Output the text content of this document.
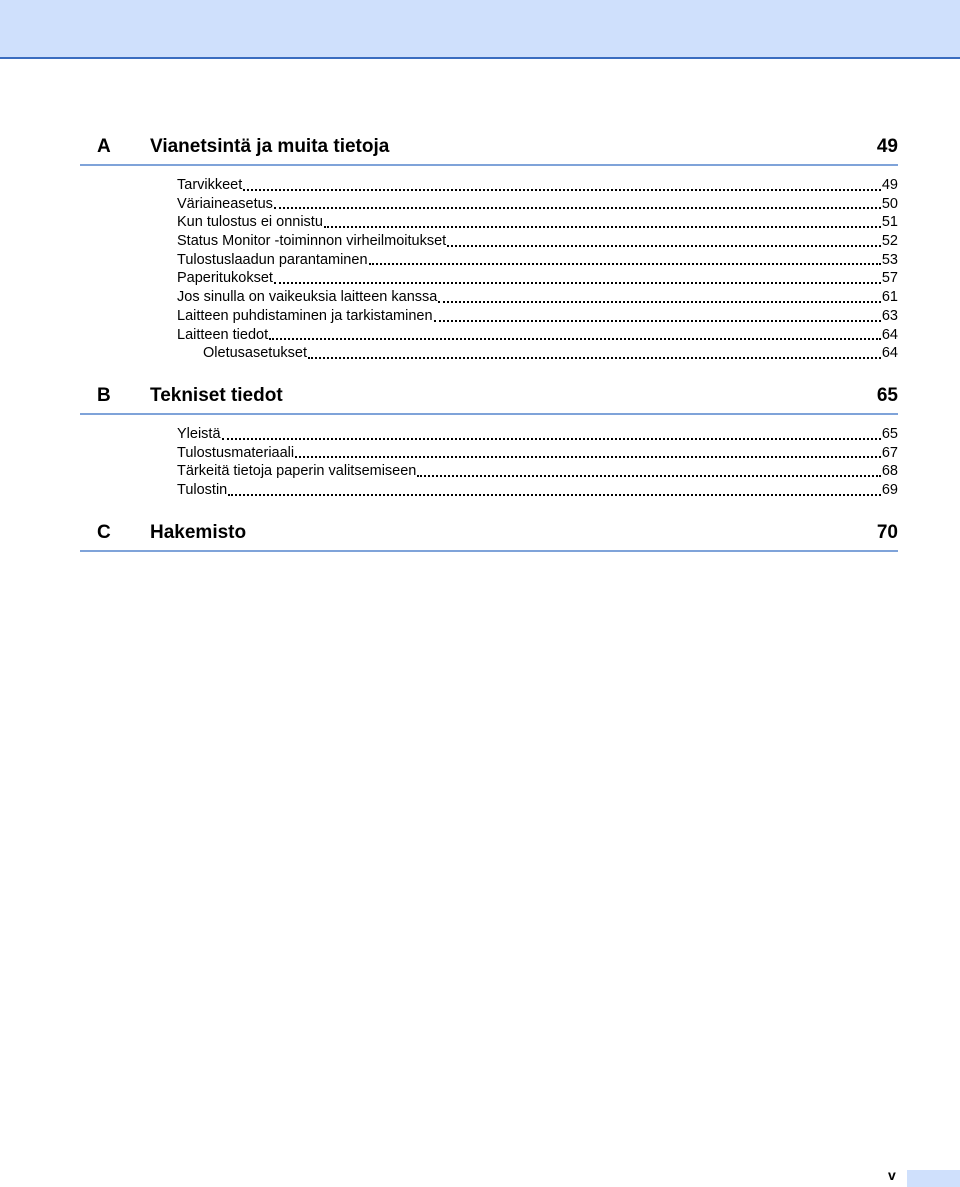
A	Vianetsintä ja muita tietoja	49
Tarvikkeet	49
Väriaineasetus	50
Kun tulostus ei onnistu	51
Status Monitor -toiminnon virheilmoitukset	52
Tulostuslaadun parantaminen	53
Paperitukokset	57
Jos sinulla on vaikeuksia laitteen kanssa	61
Laitteen puhdistaminen ja tarkistaminen	63
Laitteen tiedot	64
Oletusasetukset	64
B	Tekniset tiedot	65
Yleistä	65
Tulostusmateriaali	67
Tärkeitä tietoja paperin valitsemiseen	68
Tulostin	69
C	Hakemisto	70
v
